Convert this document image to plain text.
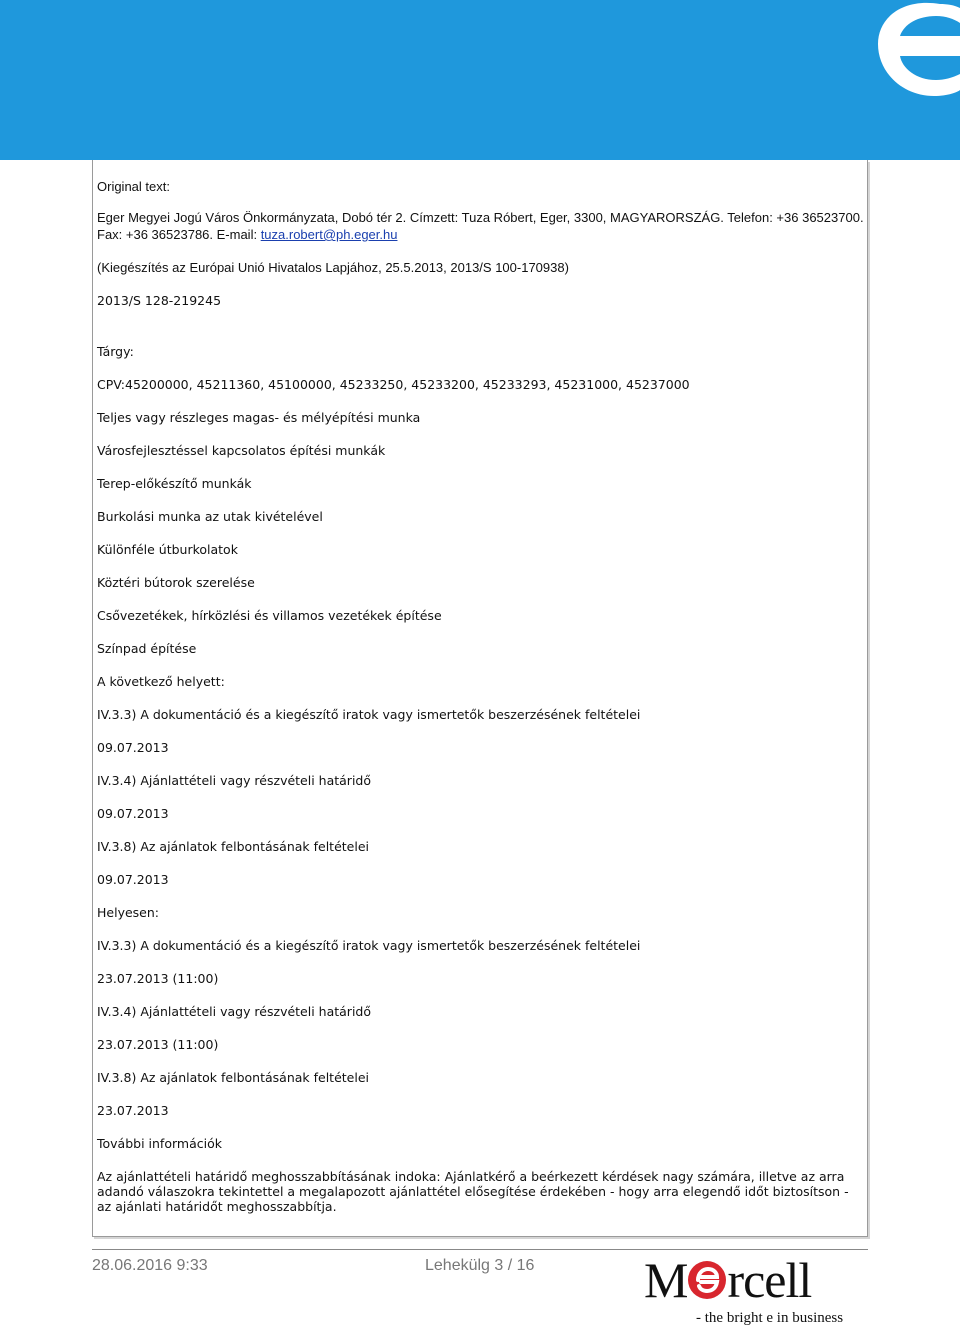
Original text:
Eger Megyei Jogú Város Önkormányzata, Dobó tér 2. Címzett: Tuza Róbert, Eger, 3300, MAGYARORSZÁG. Telefon: +36 36523700.
Fax: +36 36523786. E-mail: tuza.robert@ph.eger.hu
(Kiegészítés az Európai Unió Hivatalos Lapjához, 25.5.2013, 2013/S 100-170938)
2013/S 128-219245
Tárgy:
CPV:45200000, 45211360, 45100000, 45233250, 45233200, 45233293, 45231000, 45237000
Teljes vagy részleges magas- és mélyépítési munka
Városfejlesztéssel kapcsolatos építési munkák
Terep-előkészítő munkák
Burkolási munka az utak kivételével
Különféle útburkolatok
Köztéri bútorok szerelése
Csővezetékek, hírközlési és villamos vezetékek építése
Színpad építése
A következő helyett:
IV.3.3) A dokumentáció és a kiegészítő iratok vagy ismertetők beszerzésének feltételei
09.07.2013
IV.3.4) Ajánlattételi vagy részvételi határidő
09.07.2013
IV.3.8) Az ajánlatok felbontásának feltételei
09.07.2013
Helyesen:
IV.3.3) A dokumentáció és a kiegészítő iratok vagy ismertetők beszerzésének feltételei
23.07.2013 (11:00)
IV.3.4) Ajánlattételi vagy részvételi határidő
23.07.2013 (11:00)
IV.3.8) Az ajánlatok felbontásának feltételei
23.07.2013
További információk
Az ajánlattételi határidő meghosszabbításának indoka: Ajánlatkérő a beérkezett kérdések nagy számára, illetve az arra adandó válaszokra tekintettel a megalapozott ajánlattétel elősegítése érdekében - hogy arra elegendő időt biztosítson - az ajánlati határidőt meghosszabbítja.
28.06.2016 9:33	Lehekülg 3 / 16 M rcell
- the bright e in business
